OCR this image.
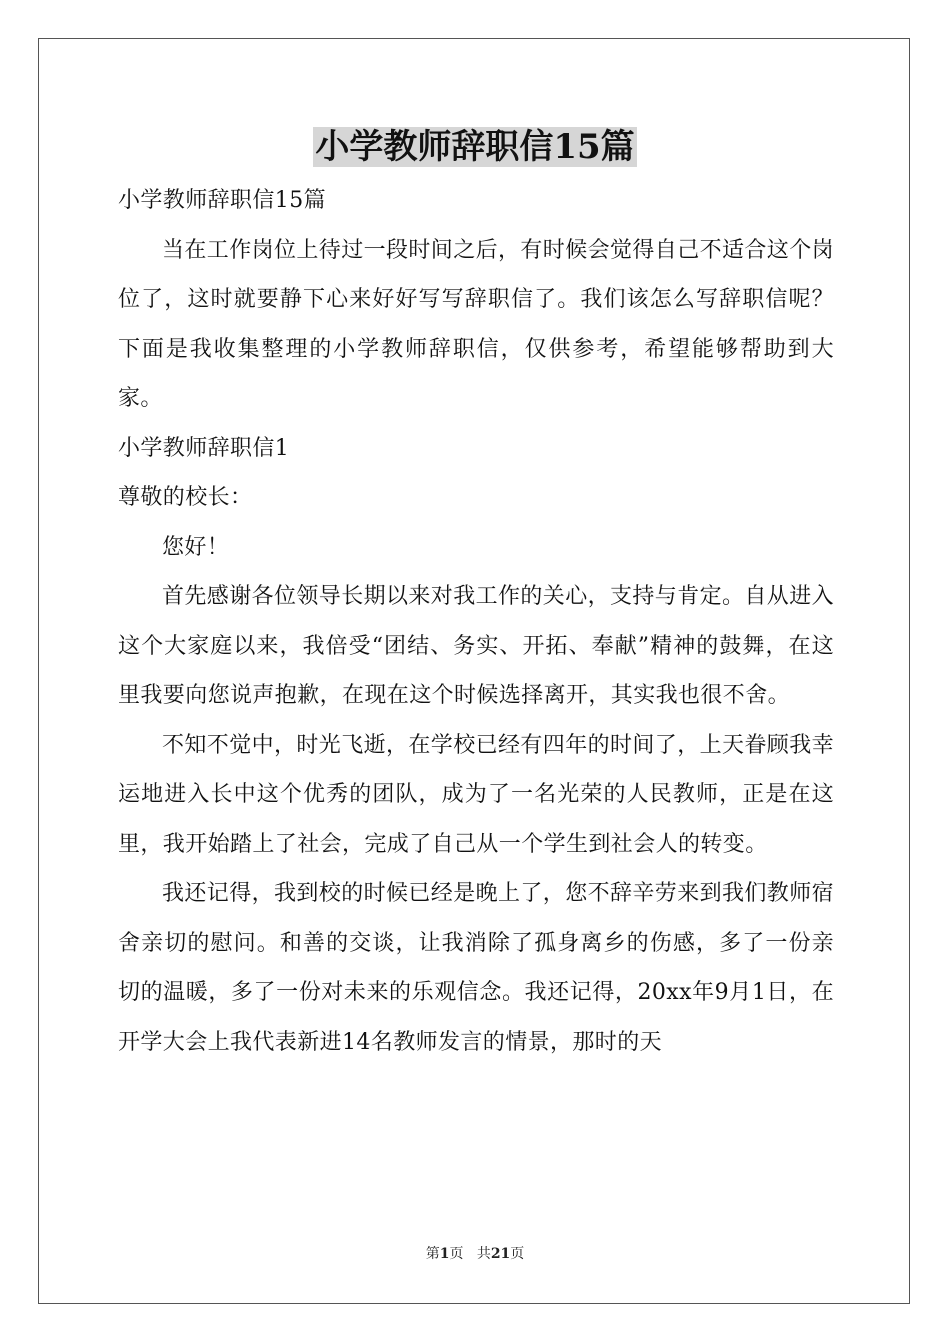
小学教师辞职信15篇

小学教师辞职信15篇

当在工作岗位上待过一段时间之后，有时候会觉得自己不适合这个岗位了，这时就要静下心来好好写写辞职信了。我们该怎么写辞职信呢？下面是我收集整理的小学教师辞职信，仅供参考，希望能够帮助到大家。

小学教师辞职信1

尊敬的校长：

您好！

首先感谢各位领导长期以来对我工作的关心，支持与肯定。自从进入这个大家庭以来，我倍受“团结、务实、开拓、奉献”精神的鼓舞，在这里我要向您说声抱歉，在现在这个时候选择离开，其实我也很不舍。

不知不觉中，时光飞逝，在学校已经有四年的时间了，上天眷顾我幸运地进入长中这个优秀的团队，成为了一名光荣的人民教师，正是在这里，我开始踏上了社会，完成了自己从一个学生到社会人的转变。

我还记得，我到校的时候已经是晚上了，您不辞辛劳来到我们教师宿舍亲切的慰问。和善的交谈，让我消除了孤身离乡的伤感，多了一份亲切的温暖，多了一份对未来的乐观信念。我还记得，20xx年9月1日，在开学大会上我代表新进14名教师发言的情景，那时的天

第1页 共21页
